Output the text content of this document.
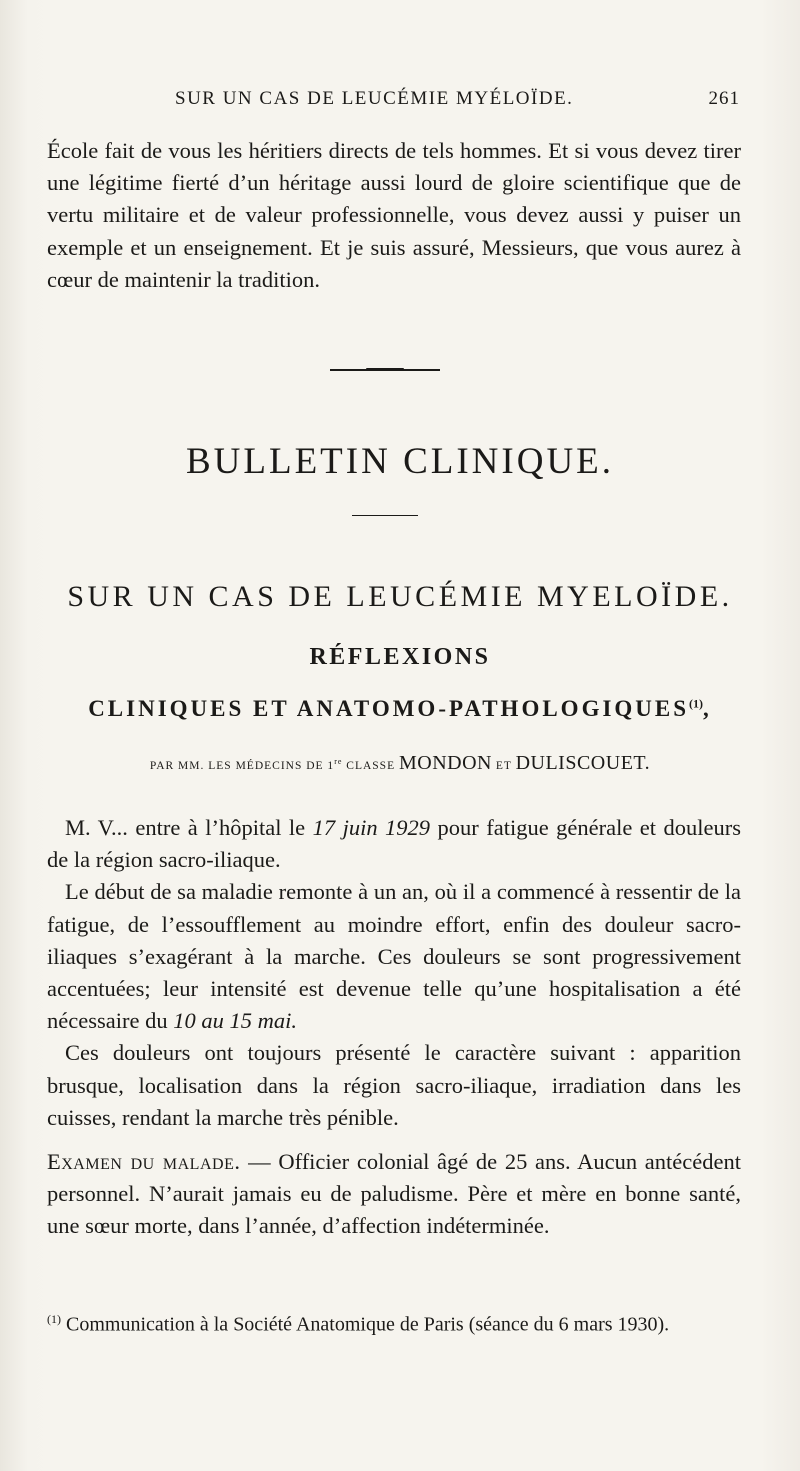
SUR UN CAS DE LEUCÉMIE MYÉLOÏDE.	261

École fait de vous les héritiers directs de tels hommes. Et si vous devez tirer une légitime fierté d’un héritage aussi lourd de gloire scientifique que de vertu militaire et de valeur professionnelle, vous devez aussi y puiser un exemple et un enseignement. Et je suis assuré, Messieurs, que vous aurez à cœur de maintenir la tradition.

BULLETIN CLINIQUE.
SUR UN CAS DE LEUCÉMIE MYELOÏDE.
RÉFLEXIONS
CLINIQUES ET ANATOMO-PATHOLOGIQUES$^{(1)}$,

PAR MM. LES MÉDECINS DE 1re CLASSE MONDON ET DULISCOUET.

M. V... entre à l’hôpital le 17 juin 1929 pour fatigue générale et douleurs de la région sacro-iliaque.

Le début de sa maladie remonte à un an, où il a commencé à ressentir de la fatigue, de l’essoufflement au moindre effort, enfin des douleur sacro-iliaques s’exagérant à la marche. Ces douleurs se sont progressivement accentuées; leur intensité est devenue telle qu’une hospitalisation a été nécessaire du 10 au 15 mai.

Ces douleurs ont toujours présenté le caractère suivant : apparition brusque, localisation dans la région sacro-iliaque, irradiation dans les cuisses, rendant la marche très pénible.

Examen du malade. — Officier colonial âgé de 25 ans. Aucun antécédent personnel. N’aurait jamais eu de paludisme. Père et mère en bonne santé, une sœur morte, dans l’année, d’affection indéterminée.

$^{(1)}$ Communication à la Société Anatomique de Paris (séance du 6 mars 1930).
